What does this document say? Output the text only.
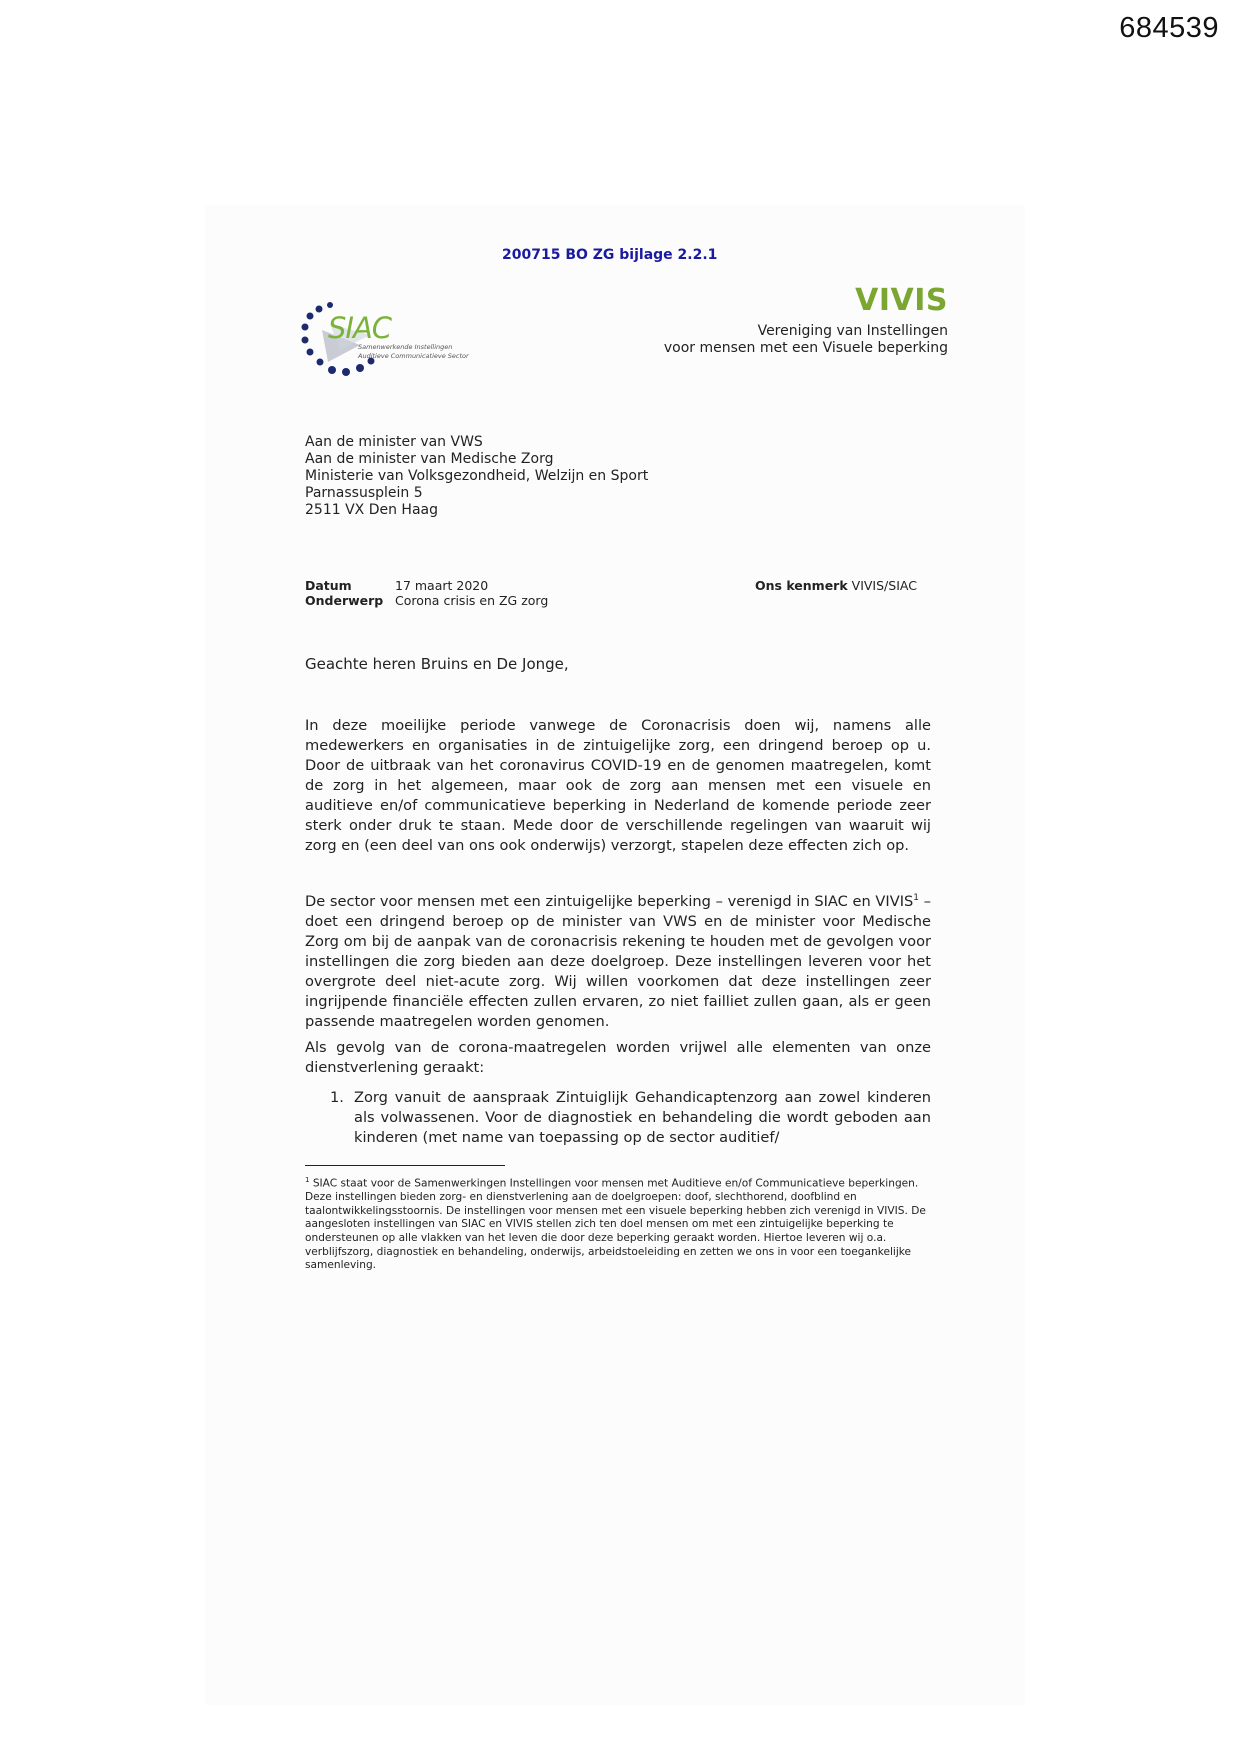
684539
200715 BO ZG bijlage 2.2.1
SIAC
Samenwerkende Instellingen
Auditieve Communicatieve Sector
VIVIS
Vereniging van Instellingen
voor mensen met een Visuele beperking
Aan de minister van VWS
Aan de minister van Medische Zorg
Ministerie van Volksgezondheid, Welzijn en Sport
Parnassusplein 5
2511 VX Den Haag
Datum
Onderwerp
17 maart 2020
Corona crisis en ZG zorg
Ons kenmerk VIVIS/SIAC
Geachte heren Bruins en De Jonge,
In deze moeilijke periode vanwege de Coronacrisis doen wij, namens alle medewerkers en organisaties in de zintuigelijke zorg, een dringend beroep op u. Door de uitbraak van het coronavirus COVID-19 en de genomen maatregelen, komt de zorg in het algemeen, maar ook de zorg aan mensen met een visuele en auditieve en/of communicatieve beperking in Nederland de komende periode zeer sterk onder druk te staan. Mede door de verschillende regelingen van waaruit wij zorg en (een deel van ons ook onderwijs) verzorgt, stapelen deze effecten zich op.
De sector voor mensen met een zintuigelijke beperking – verenigd in SIAC en VIVIS$^1$ – doet een dringend beroep op de minister van VWS en de minister voor Medische Zorg om bij de aanpak van de coronacrisis rekening te houden met de gevolgen voor instellingen die zorg bieden aan deze doelgroep. Deze instellingen leveren voor het overgrote deel niet-acute zorg. Wij willen voorkomen dat deze instellingen zeer ingrijpende financiële effecten zullen ervaren, zo niet failliet zullen gaan, als er geen passende maatregelen worden genomen.
Als gevolg van de corona-maatregelen worden vrijwel alle elementen van onze dienstverlening geraakt:
1. Zorg vanuit de aanspraak Zintuiglijk Gehandicaptenzorg aan zowel kinderen als volwassenen. Voor de diagnostiek en behandeling die wordt geboden aan kinderen (met name van toepassing op de sector auditief/
$^1$ SIAC staat voor de Samenwerkingen Instellingen voor mensen met Auditieve en/of Communicatieve beperkingen. Deze instellingen bieden zorg- en dienstverlening aan de doelgroepen: doof, slechthorend, doofblind en taalontwikkelingsstoornis. De instellingen voor mensen met een visuele beperking hebben zich verenigd in VIVIS. De aangesloten instellingen van SIAC en VIVIS stellen zich ten doel mensen om met een zintuigelijke beperking te ondersteunen op alle vlakken van het leven die door deze beperking geraakt worden. Hiertoe leveren wij o.a. verblijfszorg, diagnostiek en behandeling, onderwijs, arbeidstoeleiding en zetten we ons in voor een toegankelijke samenleving.
